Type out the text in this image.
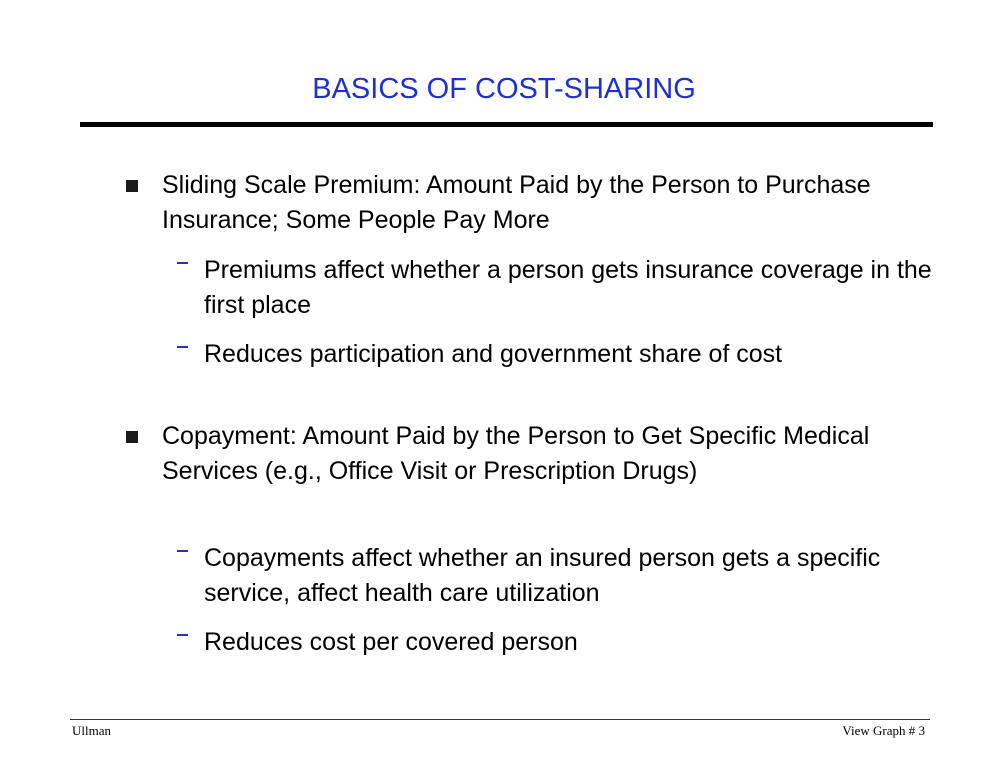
BASICS OF COST-SHARING
Sliding Scale Premium: Amount Paid by the Person to Purchase Insurance; Some People Pay More
Premiums affect whether a person gets insurance coverage in the first place
Reduces participation and government share of cost
Copayment: Amount Paid by the Person to Get Specific Medical Services (e.g., Office Visit or Prescription Drugs)
Copayments affect whether an insured person gets a specific service, affect health care utilization
Reduces cost per covered person
Ullman	View Graph # 3
